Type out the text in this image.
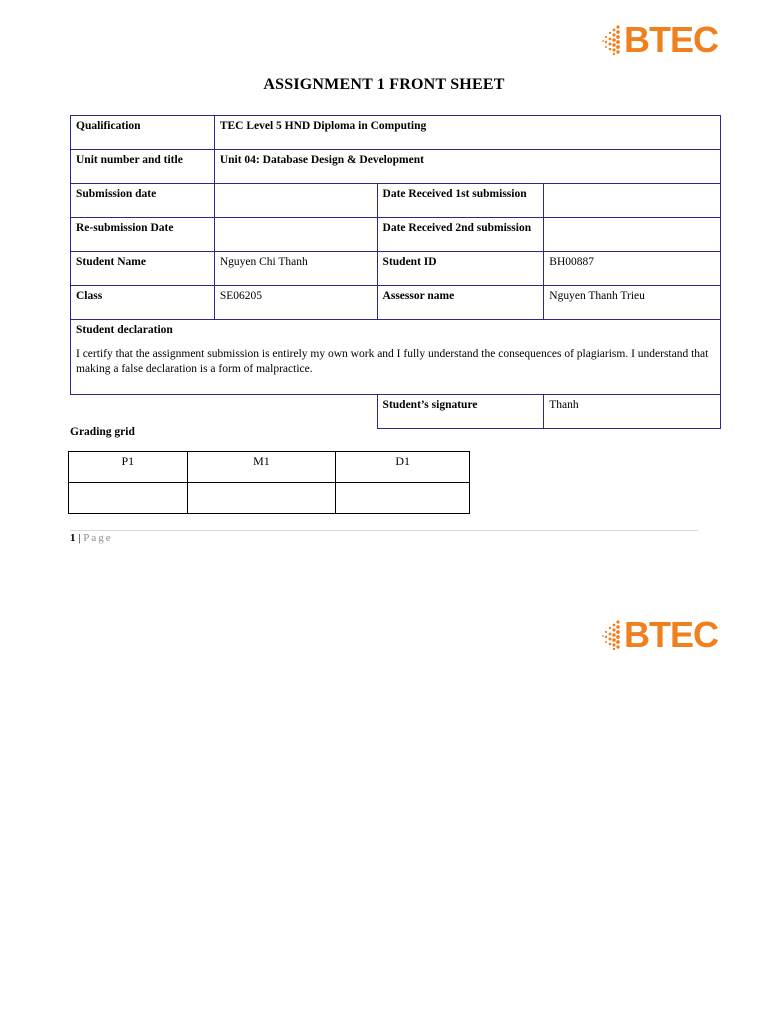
BTEC
ASSIGNMENT 1 FRONT SHEET
Qualification	TEC Level 5 HND Diploma in Computing		
Unit number and title	Unit 04: Database Design & Development		
Submission date		Date Received 1st submission	
Re-submission Date		Date Received 2nd submission	
Student Name	Nguyen Chi Thanh	Student ID	BH00887
Class	SE06205	Assessor name	Nguyen Thanh Trieu

Student declaration
I certify that the assignment submission is entirely my own work and I fully understand the consequences of plagiarism. I understand that making a false declaration is a form of malpractice.			

		Student’s signature	Thanh
Grading grid
P1	M1	D1

1 | Page
BTEC
